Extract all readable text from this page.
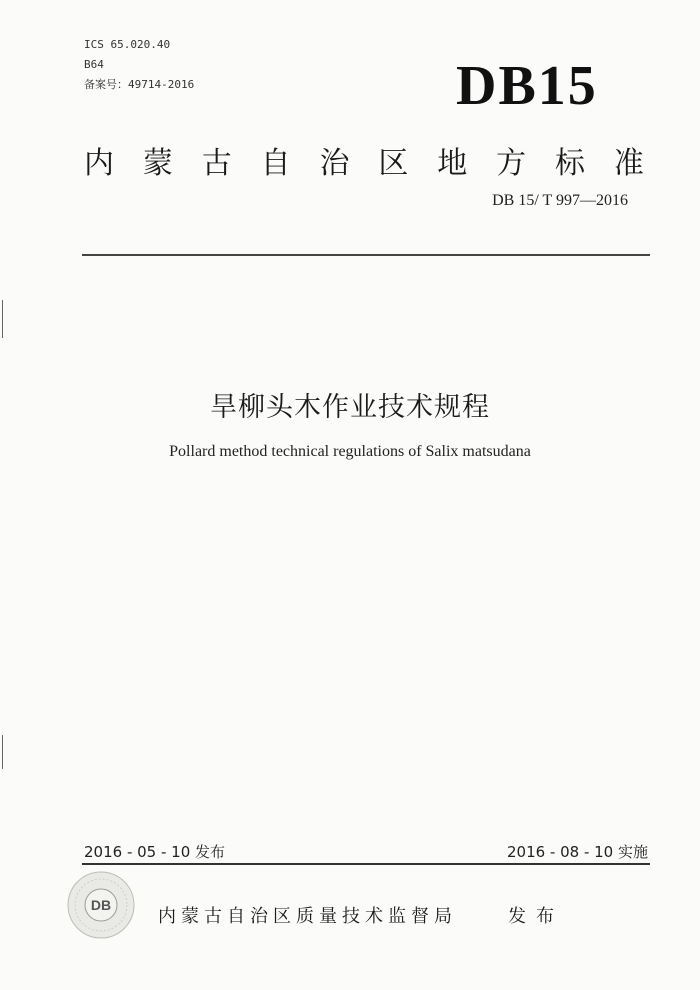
ICS 65.020.40
B64
备案号：49714-2016	DB15
内 蒙 古 自 治 区 地 方 标 准
DB 15/ T 997—2016
旱柳头木作业技术规程
Pollard method technical regulations of Salix matsudana
2016 - 05 - 10 发布	2016 - 08 - 10 实施
DB
内蒙古自治区质量技术监督局	发布
